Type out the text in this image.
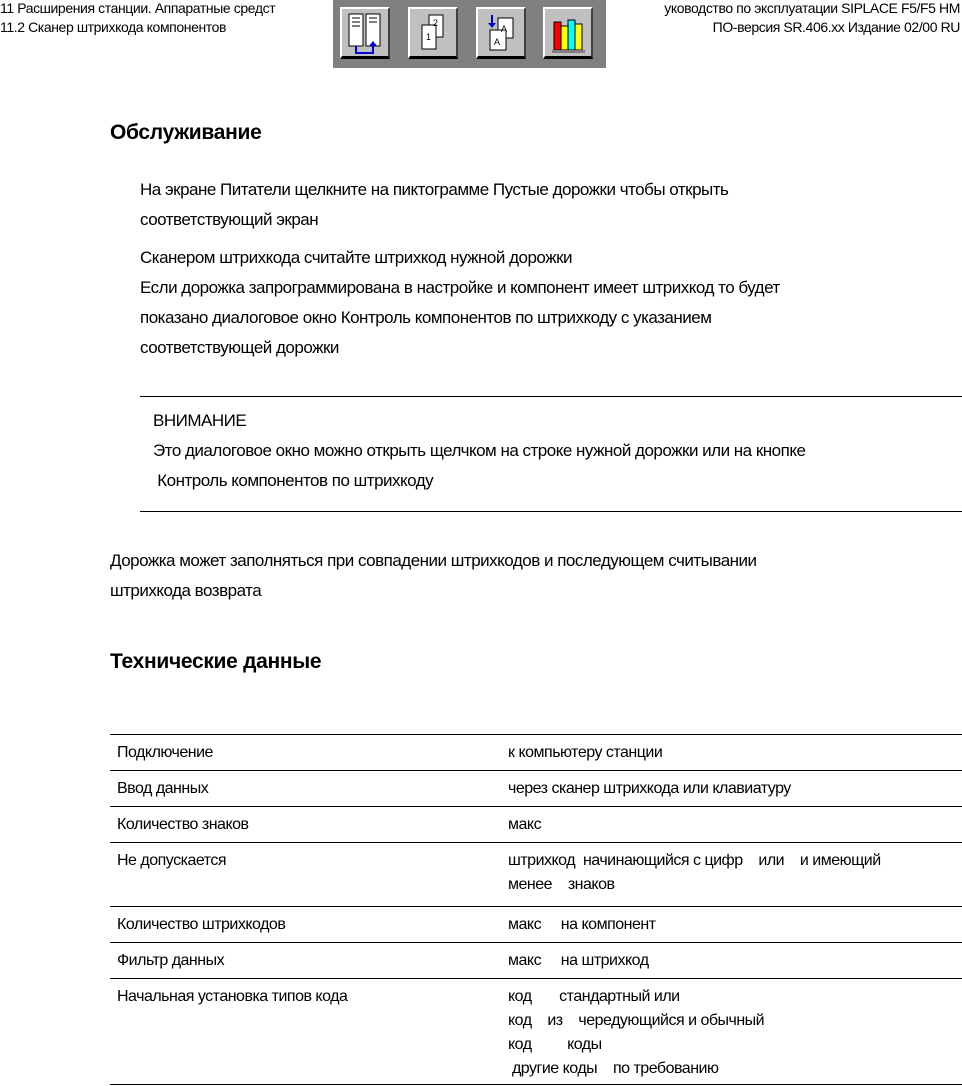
11 Расширения станции. Аппаратные средст	уководство по эксплуатации SIPLACE F5/F5 HM
11.2 Сканер штрихкода компонентов	ПО-версия SR.406.xx Издание 02/00 RU
2
1
A
A
Обслуживание
На экране Питатели щелкните на пиктограмме Пустые дорожки чтобы открыть
соответствующий экран
Сканером штрихкода считайте штрихкод нужной дорожки
Если дорожка запрограммирована в настройке и компонент имеет штрихкод то будет
показано диалоговое окно Контроль компонентов по штрихкоду с указанием
соответствующей дорожки
ВНИМАНИЕ
Это диалоговое окно можно открыть щелчком на строке нужной дорожки или на кнопке
Контроль компонентов по штрихкоду
Дорожка может заполняться при совпадении штрихкодов и последующем считывании
штрихкода возврата
Технические данные
Подключение	к компьютеру станции
Ввод данных	через сканер штрихкода или клавиатуру
Количество знаков	макс
Не допускается	штрихкод  начинающийся с цифр    или    и имеющий
менее    знаков
Количество штрихкодов	макс     на компонент
Фильтр данных	макс     на штрихкод
Начальная установка типов кода	код       стандартный или
код    из    чередующийся и обычный
код         коды
другие коды    по требованию
